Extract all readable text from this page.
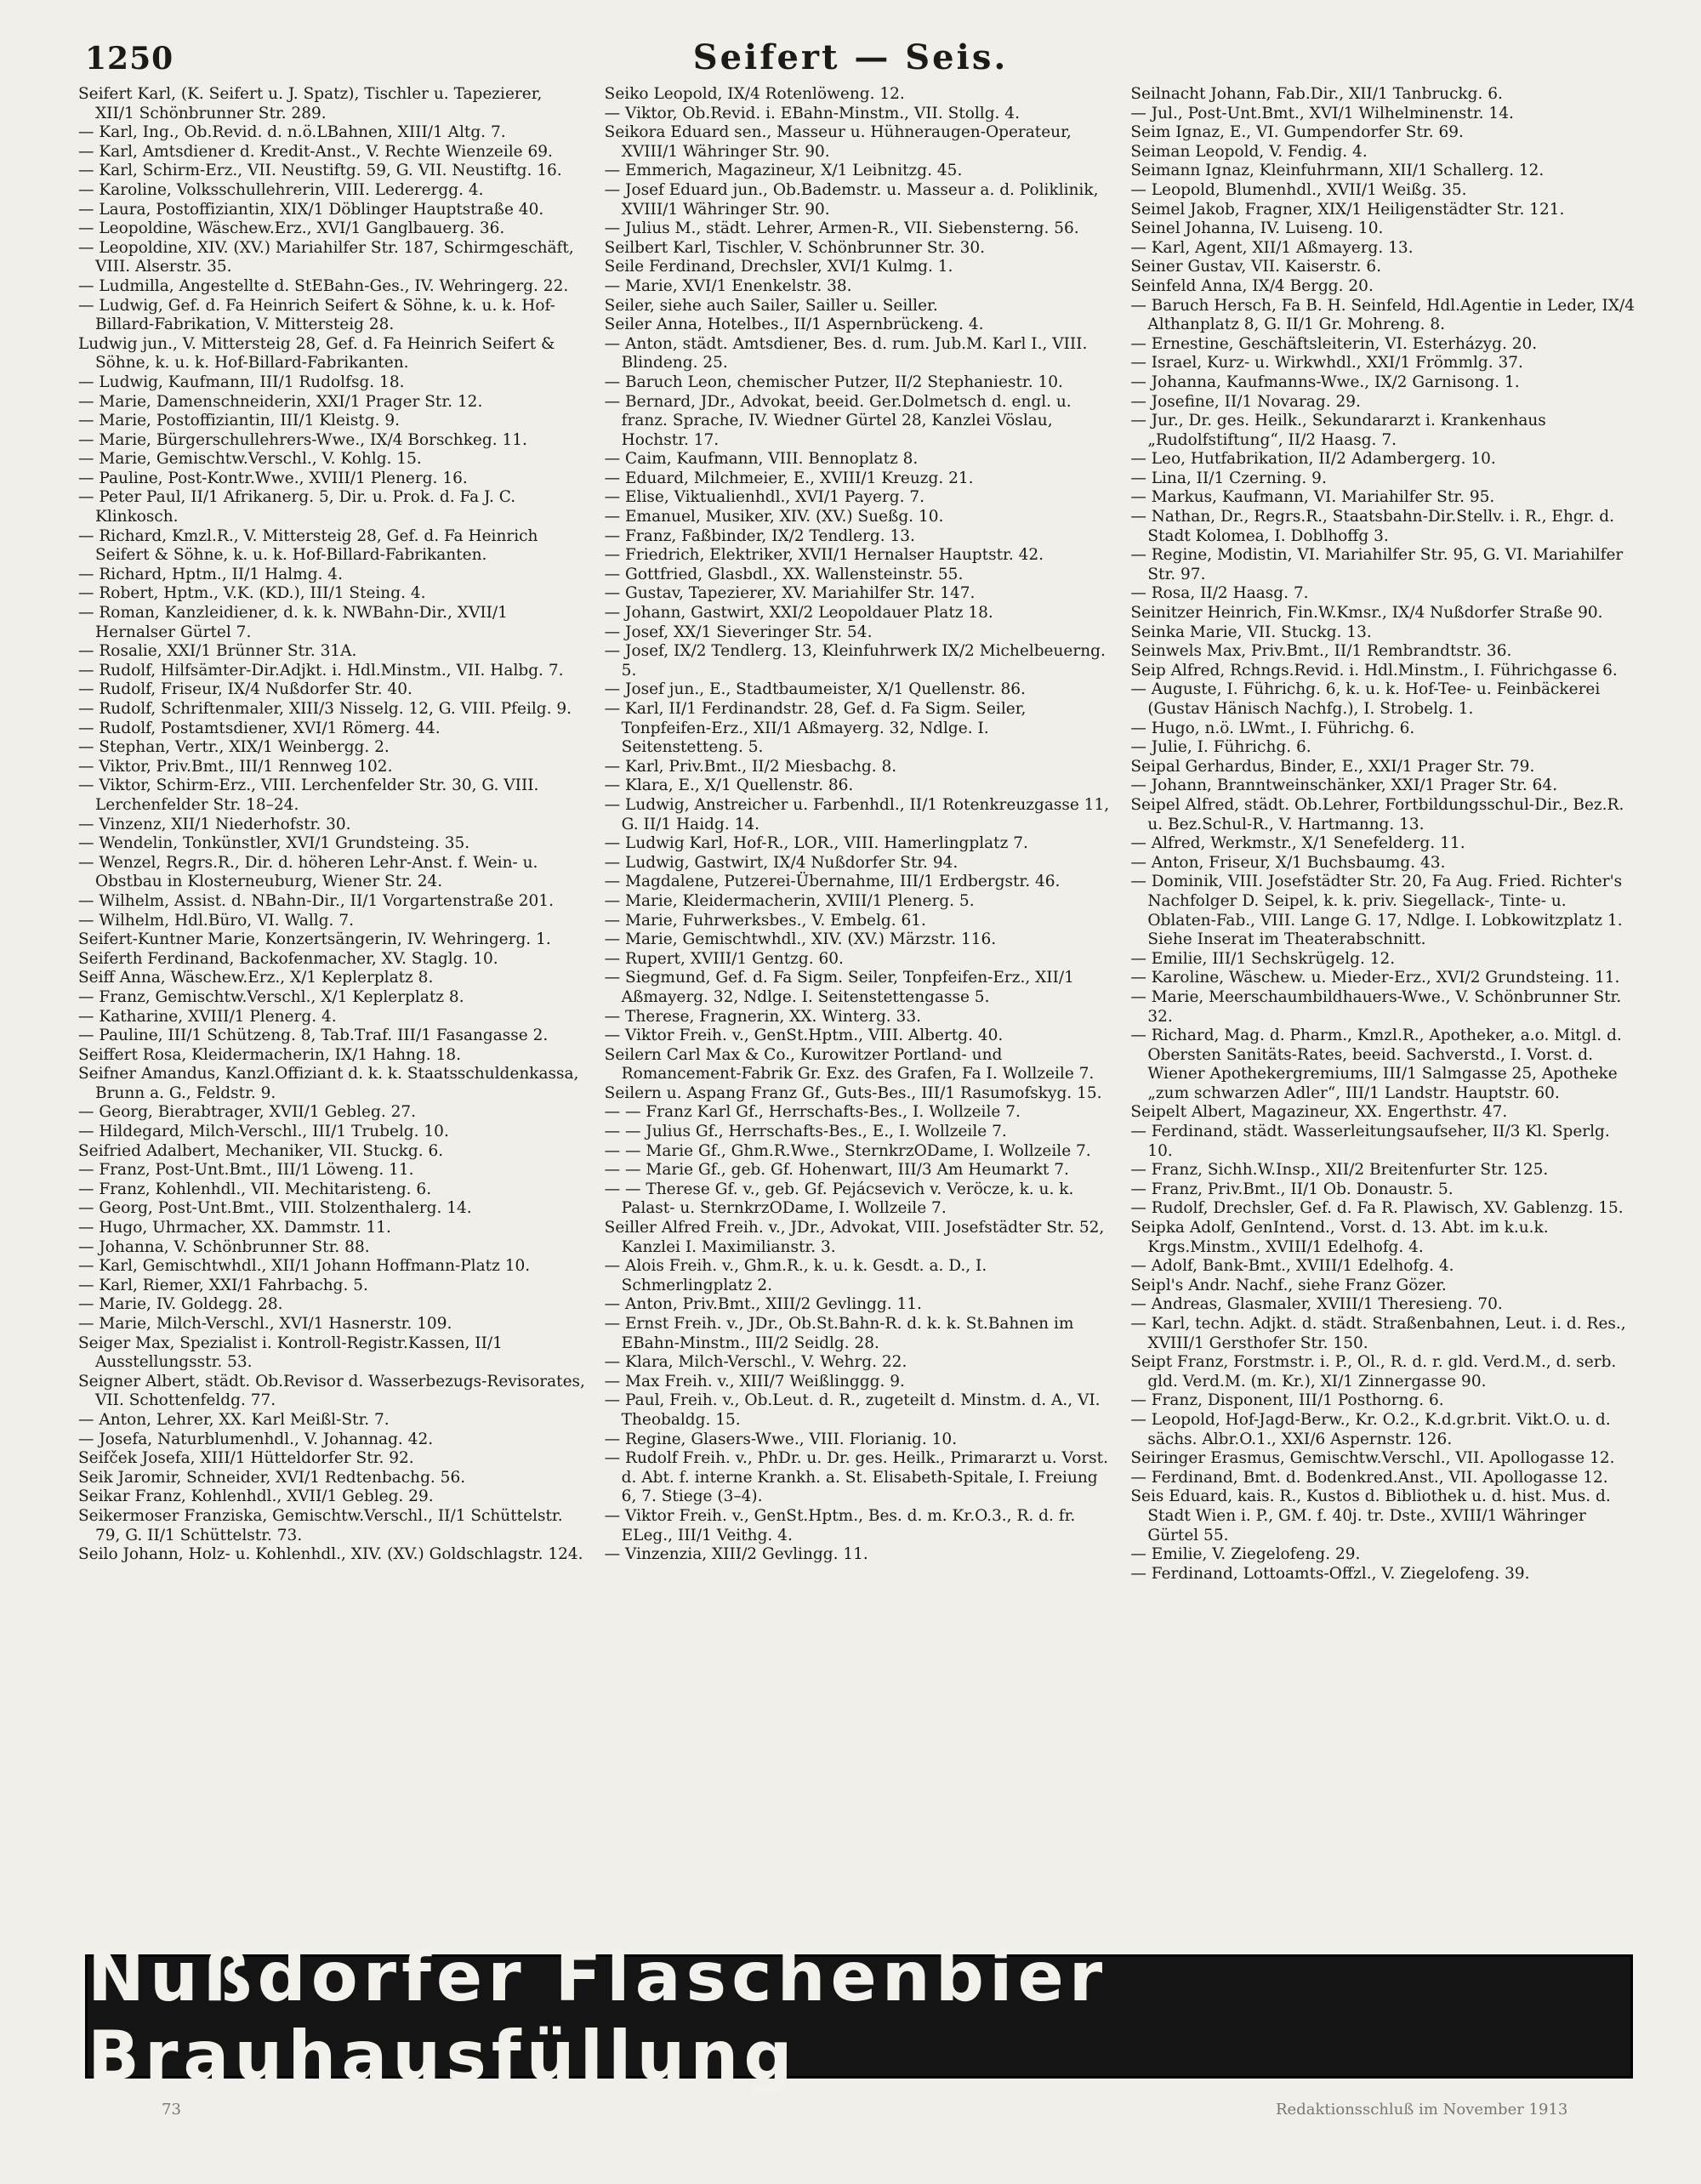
1250	Seifert — Seis.

Seifert Karl, (K. Seifert u. J. Spatz), Tischler u. Tapezierer, XII/1 Schönbrunner Str. 289.

— Karl, Ing., Ob.Revid. d. n.ö.LBahnen, XIII/1 Altg. 7.

— Karl, Amtsdiener d. Kredit-Anst., V. Rechte Wienzeile 69.

— Karl, Schirm-Erz., VII. Neustiftg. 59, G. VII. Neustiftg. 16.

— Karoline, Volksschullehrerin, VIII. Lederergg. 4.

— Laura, Postoffiziantin, XIX/1 Döblinger Hauptstraße 40.

— Leopoldine, Wäschew.Erz., XVI/1 Ganglbauerg. 36.

— Leopoldine, XIV. (XV.) Mariahilfer Str. 187, Schirmgeschäft, VIII. Alserstr. 35.

— Ludmilla, Angestellte d. StEBahn-Ges., IV. Wehringerg. 22.

— Ludwig, Gef. d. Fa Heinrich Seifert & Söhne, k. u. k. Hof-Billard-Fabrikation, V. Mittersteig 28.

Ludwig jun., V. Mittersteig 28, Gef. d. Fa Heinrich Seifert & Söhne, k. u. k. Hof-Billard-Fabrikanten.

— Ludwig, Kaufmann, III/1 Rudolfsg. 18.

— Marie, Damenschneiderin, XXI/1 Prager Str. 12.

— Marie, Postoffiziantin, III/1 Kleistg. 9.

— Marie, Bürgerschullehrers-Wwe., IX/4 Borschkeg. 11.

— Marie, Gemischtw.Verschl., V. Kohlg. 15.

— Pauline, Post-Kontr.Wwe., XVIII/1 Plenerg. 16.

— Peter Paul, II/1 Afrikanerg. 5, Dir. u. Prok. d. Fa J. C. Klinkosch.

— Richard, Kmzl.R., V. Mittersteig 28, Gef. d. Fa Heinrich Seifert & Söhne, k. u. k. Hof-Billard-Fabrikanten.

— Richard, Hptm., II/1 Halmg. 4.

— Robert, Hptm., V.K. (KD.), III/1 Steing. 4.

— Roman, Kanzleidiener, d. k. k. NWBahn-Dir., XVII/1 Hernalser Gürtel 7.

— Rosalie, XXI/1 Brünner Str. 31A.

— Rudolf, Hilfsämter-Dir.Adjkt. i. Hdl.Minstm., VII. Halbg. 7.

— Rudolf, Friseur, IX/4 Nußdorfer Str. 40.

— Rudolf, Schriftenmaler, XIII/3 Nisselg. 12, G. VIII. Pfeilg. 9.

— Rudolf, Postamtsdiener, XVI/1 Römerg. 44.

— Stephan, Vertr., XIX/1 Weinbergg. 2.

— Viktor, Priv.Bmt., III/1 Rennweg 102.

— Viktor, Schirm-Erz., VIII. Lerchenfelder Str. 30, G. VIII. Lerchenfelder Str. 18–24.

— Vinzenz, XII/1 Niederhofstr. 30.

— Wendelin, Tonkünstler, XVI/1 Grundsteing. 35.

— Wenzel, Regrs.R., Dir. d. höheren Lehr-Anst. f. Wein- u. Obstbau in Klosterneuburg, Wiener Str. 24.

— Wilhelm, Assist. d. NBahn-Dir., II/1 Vorgartenstraße 201.

— Wilhelm, Hdl.Büro, VI. Wallg. 7.

Seifert-Kuntner Marie, Konzertsängerin, IV. Wehringerg. 1.

Seiferth Ferdinand, Backofenmacher, XV. Staglg. 10.

Seiff Anna, Wäschew.Erz., X/1 Keplerplatz 8.

— Franz, Gemischtw.Verschl., X/1 Keplerplatz 8.

— Katharine, XVIII/1 Plenerg. 4.

— Pauline, III/1 Schützeng. 8, Tab.Traf. III/1 Fasangasse 2.

Seiffert Rosa, Kleidermacherin, IX/1 Hahng. 18.

Seifner Amandus, Kanzl.Offiziant d. k. k. Staatsschuldenkassa, Brunn a. G., Feldstr. 9.

— Georg, Bierabtrager, XVII/1 Gebleg. 27.

— Hildegard, Milch-Verschl., III/1 Trubelg. 10.

Seifried Adalbert, Mechaniker, VII. Stuckg. 6.

— Franz, Post-Unt.Bmt., III/1 Löweng. 11.

— Franz, Kohlenhdl., VII. Mechitaristeng. 6.

— Georg, Post-Unt.Bmt., VIII. Stolzenthalerg. 14.

— Hugo, Uhrmacher, XX. Dammstr. 11.

— Johanna, V. Schönbrunner Str. 88.

— Karl, Gemischtwhdl., XII/1 Johann Hoffmann-Platz 10.

— Karl, Riemer, XXI/1 Fahrbachg. 5.

— Marie, IV. Goldegg. 28.

— Marie, Milch-Verschl., XVI/1 Hasnerstr. 109.

Seiger Max, Spezialist i. Kontroll-Registr.Kassen, II/1 Ausstellungsstr. 53.

Seigner Albert, städt. Ob.Revisor d. Wasserbezugs-Revisorates, VII. Schottenfeldg. 77.

— Anton, Lehrer, XX. Karl Meißl-Str. 7.

— Josefa, Naturblumenhdl., V. Johannag. 42.

Seifček Josefa, XIII/1 Hütteldorfer Str. 92.

Seik Jaromir, Schneider, XVI/1 Redtenbachg. 56.

Seikar Franz, Kohlenhdl., XVII/1 Gebleg. 29.

Seikermoser Franziska, Gemischtw.Verschl., II/1 Schüttelstr. 79, G. II/1 Schüttelstr. 73.

Seilo Johann, Holz- u. Kohlenhdl., XIV. (XV.) Goldschlagstr. 124.

Seiko Leopold, IX/4 Rotenlöweng. 12.

— Viktor, Ob.Revid. i. EBahn-Minstm., VII. Stollg. 4.

Seikora Eduard sen., Masseur u. Hühneraugen-Operateur, XVIII/1 Währinger Str. 90.

— Emmerich, Magazineur, X/1 Leibnitzg. 45.

— Josef Eduard jun., Ob.Bademstr. u. Masseur a. d. Poliklinik, XVIII/1 Währinger Str. 90.

— Julius M., städt. Lehrer, Armen-R., VII. Siebensterng. 56.

Seilbert Karl, Tischler, V. Schönbrunner Str. 30.

Seile Ferdinand, Drechsler, XVI/1 Kulmg. 1.

— Marie, XVI/1 Enenkelstr. 38.

Seiler, siehe auch Sailer, Sailler u. Seiller.

Seiler Anna, Hotelbes., II/1 Aspernbrückeng. 4.

— Anton, städt. Amtsdiener, Bes. d. rum. Jub.M. Karl I., VIII. Blindeng. 25.

— Baruch Leon, chemischer Putzer, II/2 Stephaniestr. 10.

— Bernard, JDr., Advokat, beeid. Ger.Dolmetsch d. engl. u. franz. Sprache, IV. Wiedner Gürtel 28, Kanzlei Vöslau, Hochstr. 17.

— Caim, Kaufmann, VIII. Bennoplatz 8.

— Eduard, Milchmeier, E., XVIII/1 Kreuzg. 21.

— Elise, Viktualienhdl., XVI/1 Payerg. 7.

— Emanuel, Musiker, XIV. (XV.) Sueßg. 10.

— Franz, Faßbinder, IX/2 Tendlerg. 13.

— Friedrich, Elektriker, XVII/1 Hernalser Hauptstr. 42.

— Gottfried, Glasbdl., XX. Wallensteinstr. 55.

— Gustav, Tapezierer, XV. Mariahilfer Str. 147.

— Johann, Gastwirt, XXI/2 Leopoldauer Platz 18.

— Josef, XX/1 Sieveringer Str. 54.

— Josef, IX/2 Tendlerg. 13, Kleinfuhrwerk IX/2 Michelbeuerng. 5.

— Josef jun., E., Stadtbaumeister, X/1 Quellenstr. 86.

— Karl, II/1 Ferdinandstr. 28, Gef. d. Fa Sigm. Seiler, Tonpfeifen-Erz., XII/1 Aßmayerg. 32, Ndlge. I. Seitenstetteng. 5.

— Karl, Priv.Bmt., II/2 Miesbachg. 8.

— Klara, E., X/1 Quellenstr. 86.

— Ludwig, Anstreicher u. Farbenhdl., II/1 Rotenkreuzgasse 11, G. II/1 Haidg. 14.

— Ludwig Karl, Hof-R., LOR., VIII. Hamerlingplatz 7.

— Ludwig, Gastwirt, IX/4 Nußdorfer Str. 94.

— Magdalene, Putzerei-Übernahme, III/1 Erdbergstr. 46.

— Marie, Kleidermacherin, XVIII/1 Plenerg. 5.

— Marie, Fuhrwerksbes., V. Embelg. 61.

— Marie, Gemischtwhdl., XIV. (XV.) Märzstr. 116.

— Rupert, XVIII/1 Gentzg. 60.

— Siegmund, Gef. d. Fa Sigm. Seiler, Tonpfeifen-Erz., XII/1 Aßmayerg. 32, Ndlge. I. Seitenstettengasse 5.

— Therese, Fragnerin, XX. Winterg. 33.

— Viktor Freih. v., GenSt.Hptm., VIII. Albertg. 40.

Seilern Carl Max & Co., Kurowitzer Portland- und Romancement-Fabrik Gr. Exz. des Grafen, Fa I. Wollzeile 7.

Seilern u. Aspang Franz Gf., Guts-Bes., III/1 Rasumofskyg. 15.

— — Franz Karl Gf., Herrschafts-Bes., I. Wollzeile 7.

— — Julius Gf., Herrschafts-Bes., E., I. Wollzeile 7.

— — Marie Gf., Ghm.R.Wwe., SternkrzODame, I. Wollzeile 7.

— — Marie Gf., geb. Gf. Hohenwart, III/3 Am Heumarkt 7.

— — Therese Gf. v., geb. Gf. Pejácsevich v. Veröcze, k. u. k. Palast- u. SternkrzODame, I. Wollzeile 7.

Seiller Alfred Freih. v., JDr., Advokat, VIII. Josefstädter Str. 52, Kanzlei I. Maximilianstr. 3.

— Alois Freih. v., Ghm.R., k. u. k. Gesdt. a. D., I. Schmerlingplatz 2.

— Anton, Priv.Bmt., XIII/2 Gevlingg. 11.

— Ernst Freih. v., JDr., Ob.St.Bahn-R. d. k. k. St.Bahnen im EBahn-Minstm., III/2 Seidlg. 28.

— Klara, Milch-Verschl., V. Wehrg. 22.

— Max Freih. v., XIII/7 Weißlinggg. 9.

— Paul, Freih. v., Ob.Leut. d. R., zugeteilt d. Minstm. d. A., VI. Theobaldg. 15.

— Regine, Glasers-Wwe., VIII. Florianig. 10.

— Rudolf Freih. v., PhDr. u. Dr. ges. Heilk., Primararzt u. Vorst. d. Abt. f. interne Krankh. a. St. Elisabeth-Spitale, I. Freiung 6, 7. Stiege (3–4).

— Viktor Freih. v., GenSt.Hptm., Bes. d. m. Kr.O.3., R. d. fr. ELeg., III/1 Veithg. 4.

— Vinzenzia, XIII/2 Gevlingg. 11.

Seilnacht Johann, Fab.Dir., XII/1 Tanbruckg. 6.

— Jul., Post-Unt.Bmt., XVI/1 Wilhelminenstr. 14.

Seim Ignaz, E., VI. Gumpendorfer Str. 69.

Seiman Leopold, V. Fendig. 4.

Seimann Ignaz, Kleinfuhrmann, XII/1 Schallerg. 12.

— Leopold, Blumenhdl., XVII/1 Weißg. 35.

Seimel Jakob, Fragner, XIX/1 Heiligenstädter Str. 121.

Seinel Johanna, IV. Luiseng. 10.

— Karl, Agent, XII/1 Aßmayerg. 13.

Seiner Gustav, VII. Kaiserstr. 6.

Seinfeld Anna, IX/4 Bergg. 20.

— Baruch Hersch, Fa B. H. Seinfeld, Hdl.Agentie in Leder, IX/4 Althanplatz 8, G. II/1 Gr. Mohreng. 8.

— Ernestine, Geschäftsleiterin, VI. Esterházyg. 20.

— Israel, Kurz- u. Wirkwhdl., XXI/1 Frömmlg. 37.

— Johanna, Kaufmanns-Wwe., IX/2 Garnisong. 1.

— Josefine, II/1 Novarag. 29.

— Jur., Dr. ges. Heilk., Sekundararzt i. Krankenhaus „Rudolfstiftung“, II/2 Haasg. 7.

— Leo, Hutfabrikation, II/2 Adambergerg. 10.

— Lina, II/1 Czerning. 9.

— Markus, Kaufmann, VI. Mariahilfer Str. 95.

— Nathan, Dr., Regrs.R., Staatsbahn-Dir.Stellv. i. R., Ehgr. d. Stadt Kolomea, I. Doblhoffg 3.

— Regine, Modistin, VI. Mariahilfer Str. 95, G. VI. Mariahilfer Str. 97.

— Rosa, II/2 Haasg. 7.

Seinitzer Heinrich, Fin.W.Kmsr., IX/4 Nußdorfer Straße 90.

Seinka Marie, VII. Stuckg. 13.

Seinwels Max, Priv.Bmt., II/1 Rembrandtstr. 36.

Seip Alfred, Rchngs.Revid. i. Hdl.Minstm., I. Führichgasse 6.

— Auguste, I. Führichg. 6, k. u. k. Hof-Tee- u. Feinbäckerei (Gustav Hänisch Nachfg.), I. Strobelg. 1.

— Hugo, n.ö. LWmt., I. Führichg. 6.

— Julie, I. Führichg. 6.

Seipal Gerhardus, Binder, E., XXI/1 Prager Str. 79.

— Johann, Branntweinschänker, XXI/1 Prager Str. 64.

Seipel Alfred, städt. Ob.Lehrer, Fortbildungsschul-Dir., Bez.R. u. Bez.Schul-R., V. Hartmanng. 13.

— Alfred, Werkmstr., X/1 Senefelderg. 11.

— Anton, Friseur, X/1 Buchsbaumg. 43.

— Dominik, VIII. Josefstädter Str. 20, Fa Aug. Fried. Richter's Nachfolger D. Seipel, k. k. priv. Siegellack-, Tinte- u. Oblaten-Fab., VIII. Lange G. 17, Ndlge. I. Lobkowitzplatz 1. Siehe Inserat im Theaterabschnitt.

— Emilie, III/1 Sechskrügelg. 12.

— Karoline, Wäschew. u. Mieder-Erz., XVI/2 Grundsteing. 11.

— Marie, Meerschaumbildhauers-Wwe., V. Schönbrunner Str. 32.

— Richard, Mag. d. Pharm., Kmzl.R., Apotheker, a.o. Mitgl. d. Obersten Sanitäts-Rates, beeid. Sachverstd., I. Vorst. d. Wiener Apothekergremiums, III/1 Salmgasse 25, Apotheke „zum schwarzen Adler“, III/1 Landstr. Hauptstr. 60.

Seipelt Albert, Magazineur, XX. Engerthstr. 47.

— Ferdinand, städt. Wasserleitungsaufseher, II/3 Kl. Sperlg. 10.

— Franz, Sichh.W.Insp., XII/2 Breitenfurter Str. 125.

— Franz, Priv.Bmt., II/1 Ob. Donaustr. 5.

— Rudolf, Drechsler, Gef. d. Fa R. Plawisch, XV. Gablenzg. 15.

Seipka Adolf, GenIntend., Vorst. d. 13. Abt. im k.u.k. Krgs.Minstm., XVIII/1 Edelhofg. 4.

— Adolf, Bank-Bmt., XVIII/1 Edelhofg. 4.

Seipl's Andr. Nachf., siehe Franz Gözer.

— Andreas, Glasmaler, XVIII/1 Theresieng. 70.

— Karl, techn. Adjkt. d. städt. Straßenbahnen, Leut. i. d. Res., XVIII/1 Gersthofer Str. 150.

Seipt Franz, Forstmstr. i. P., Ol., R. d. r. gld. Verd.M., d. serb. gld. Verd.M. (m. Kr.), XI/1 Zinnergasse 90.

— Franz, Disponent, III/1 Posthorng. 6.

— Leopold, Hof-Jagd-Berw., Kr. O.2., K.d.gr.brit. Vikt.O. u. d. sächs. Albr.O.1., XXI/6 Aspernstr. 126.

Seiringer Erasmus, Gemischtw.Verschl., VII. Apollogasse 12.

— Ferdinand, Bmt. d. Bodenkred.Anst., VII. Apollogasse 12.

Seis Eduard, kais. R., Kustos d. Bibliothek u. d. hist. Mus. d. Stadt Wien i. P., GM. f. 40j. tr. Dste., XVIII/1 Währinger Gürtel 55.

— Emilie, V. Ziegelofeng. 29.

— Ferdinand, Lottoamts-Offzl., V. Ziegelofeng. 39.

Nußdorfer Flaschenbier Brauhausfüllung
73	Redaktionsschluß im November 1913
